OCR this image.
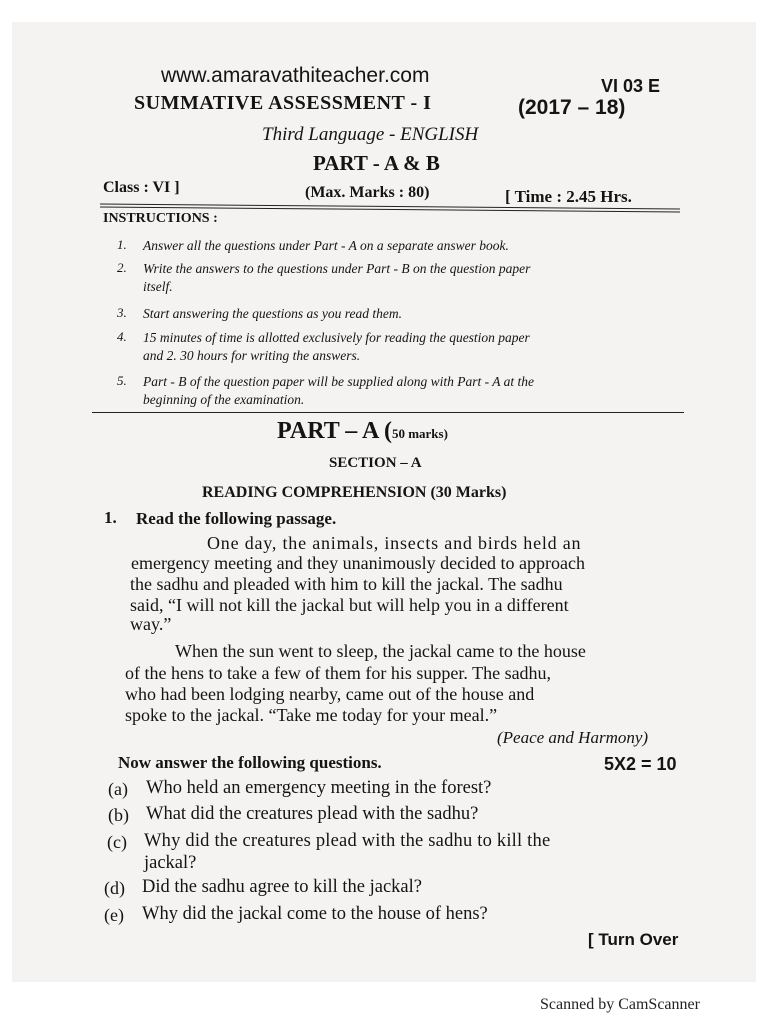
www.amaravathiteacher.com	VI 03 E
SUMMATIVE ASSESSMENT - I	(2017 – 18)
Third Language - ENGLISH
PART - A & B
Class : VI ]	(Max. Marks : 80)	[ Time : 2.45 Hrs.
INSTRUCTIONS :
1. Answer all the questions under Part - A on a separate answer book.
2. Write the answers to the questions under Part - B on the question paper
itself.
3. Start answering the questions as you read them.
4. 15 minutes of time is allotted exclusively for reading the question paper
and 2. 30 hours for writing the answers.
5. Part - B of the question paper will be supplied along with Part - A at the
beginning of the examination.
PART – A (50 marks)
SECTION – A
READING COMPREHENSION (30 Marks)
1. Read the following passage.
One day, the animals, insects and birds held an
emergency meeting and they unanimously decided to approach
the sadhu and pleaded with him to kill the jackal. The sadhu
said, “I will not kill the jackal but will help you in a different
way.”
When the sun went to sleep, the jackal came to the house
of the hens to take a few of them for his supper. The sadhu,
who had been lodging nearby, came out of the house and
spoke to the jackal. “Take me today for your meal.”
(Peace and Harmony)
Now answer the following questions.	5X2 = 10
(a) Who held an emergency meeting in the forest?
(b) What did the creatures plead with the sadhu?
(c) Why did the creatures plead with the sadhu to kill the
jackal?
(d) Did the sadhu agree to kill the jackal?
(e) Why did the jackal come to the house of hens?
[ Turn Over
Scanned by CamScanner
